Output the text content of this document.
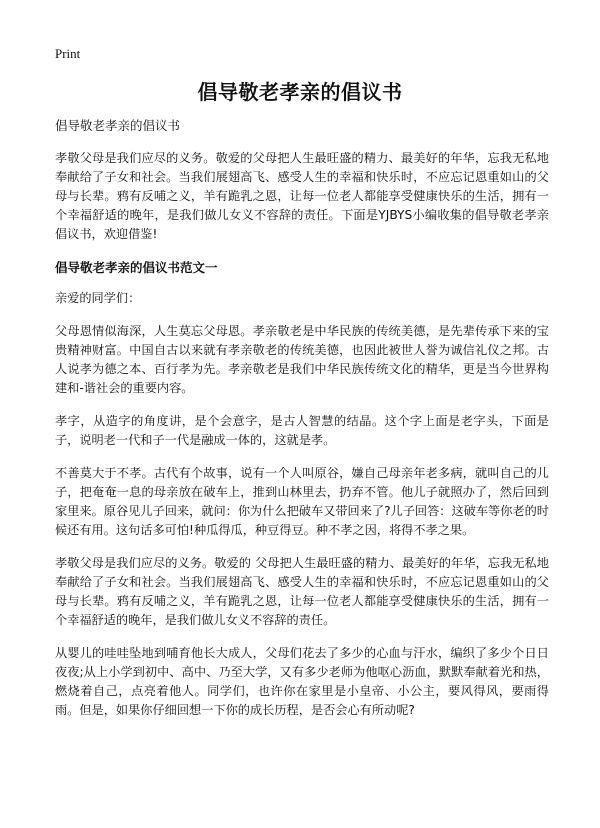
Print
倡导敬老孝亲的倡议书
倡导敬老孝亲的倡议书
孝敬父母是我们应尽的义务。敬爱的父母把人生最旺盛的精力、最美好的年华，忘我无私地奉献给了子女和社会。当我们展翅高飞、感受人生的幸福和快乐时，不应忘记恩重如山的父母与长辈。鸦有反哺之义，羊有跪乳之恩，让每一位老人都能享受健康快乐的生活，拥有一个幸福舒适的晚年，是我们做儿女义不容辞的责任。下面是YJBYS小编收集的倡导敬老孝亲倡议书，欢迎借鉴!
倡导敬老孝亲的倡议书范文一
亲爱的同学们：
父母恩情似海深，人生莫忘父母恩。孝亲敬老是中华民族的传统美德，是先辈传承下来的宝贵精神财富。中国自古以来就有孝亲敬老的传统美德，也因此被世人誉为诚信礼仪之邦。古人说孝为德之本、百行孝为先。孝亲敬老是我们中华民族传统文化的精华，更是当今世界构建和-谐社会的重要内容。
孝字，从造字的角度讲，是个会意字，是古人智慧的结晶。这个字上面是老字头，下面是子，说明老一代和子一代是融成一体的，这就是孝。
不善莫大于不孝。古代有个故事，说有一个人叫原谷，嫌自己母亲年老多病，就叫自己的儿子，把奄奄一息的母亲放在破车上，推到山林里去，扔弃不管。他儿子就照办了，然后回到家里来。原谷见儿子回来，就问：你为什么把破车又带回来了?儿子回答：这破车等你老的时候还有用。这句话多可怕!种瓜得瓜，种豆得豆。种不孝之因，将得不孝之果。
孝敬父母是我们应尽的义务。敬爱的 父母把人生最旺盛的精力、最美好的年华，忘我无私地奉献给了子女和社会。当我们展翅高飞、感受人生的幸福和快乐时，不应忘记恩重如山的父母与长辈。鸦有反哺之义，羊有跪乳之恩，让每一位老人都能享受健康快乐的生活，拥有一个幸福舒适的晚年，是我们做儿女义不容辞的责任。
从婴儿的哇哇坠地到哺育他长大成人，父母们花去了多少的心血与汗水，编织了多少个日日夜夜;从上小学到初中、高中、乃至大学，又有多少老师为他呕心沥血，默默奉献着光和热，燃烧着自己，点亮着他人。同学们，也许你在家里是小皇帝、小公主，要风得风，要雨得雨。但是，如果你仔细回想一下你的成长历程，是否会心有所动呢?
